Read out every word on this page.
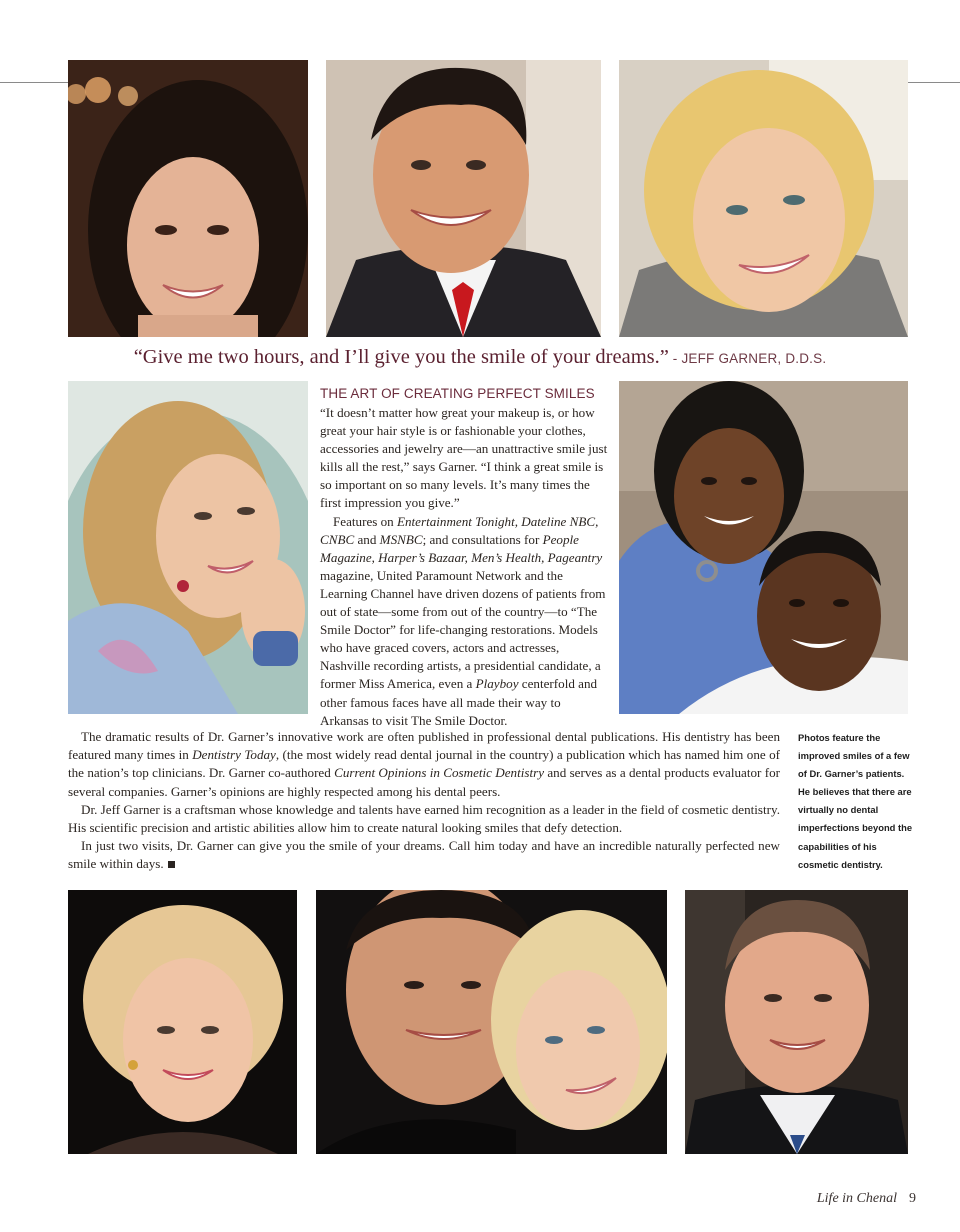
“Give me two hours, and I’ll give you the smile of your dreams.” - JEFF GARNER, D.D.S.
THE ART OF CREATING PERFECT SMILES

“It doesn’t matter how great your makeup is, or how great your hair style is or fashionable your clothes, accessories and jewelry are—an unattractive smile just kills all the rest,” says Garner. “I think a great smile is so important on so many levels. It’s many times the first impression you give.”

Features on Entertainment Tonight, Dateline NBC, CNBC and MSNBC; and consultations for People Magazine, Harper’s Bazaar, Men’s Health, Pageantry magazine, United Paramount Network and the Learning Channel have driven dozens of patients from out of state—some from out of the country—to “The Smile Doctor” for life-changing restorations. Models who have graced covers, actors and actresses, Nashville recording artists, a presidential candidate, a former Miss America, even a Playboy centerfold and other famous faces have all made their way to Arkansas to visit The Smile Doctor.

The dramatic results of Dr. Garner’s innovative work are often published in professional dental publications. His dentistry has been featured many times in Dentistry Today, (the most widely read dental journal in the country) a publication which has named him one of the nation’s top clinicians. Dr. Garner co-authored Current Opinions in Cosmetic Dentistry and serves as a dental products evaluator for several companies. Garner’s opinions are highly respected among his dental peers.

Dr. Jeff Garner is a craftsman whose knowledge and talents have earned him recognition as a leader in the field of cosmetic dentistry. His scientific precision and artistic abilities allow him to create natural looking smiles that defy detection.

In just two visits, Dr. Garner can give you the smile of your dreams. Call him today and have an incredible naturally perfected new smile within days.

Photos feature the improved smiles of a few of Dr. Garner’s patients. He believes that there are virtually no dental imperfections beyond the capabilities of his cosmetic dentistry.
Life in Chenal 9
